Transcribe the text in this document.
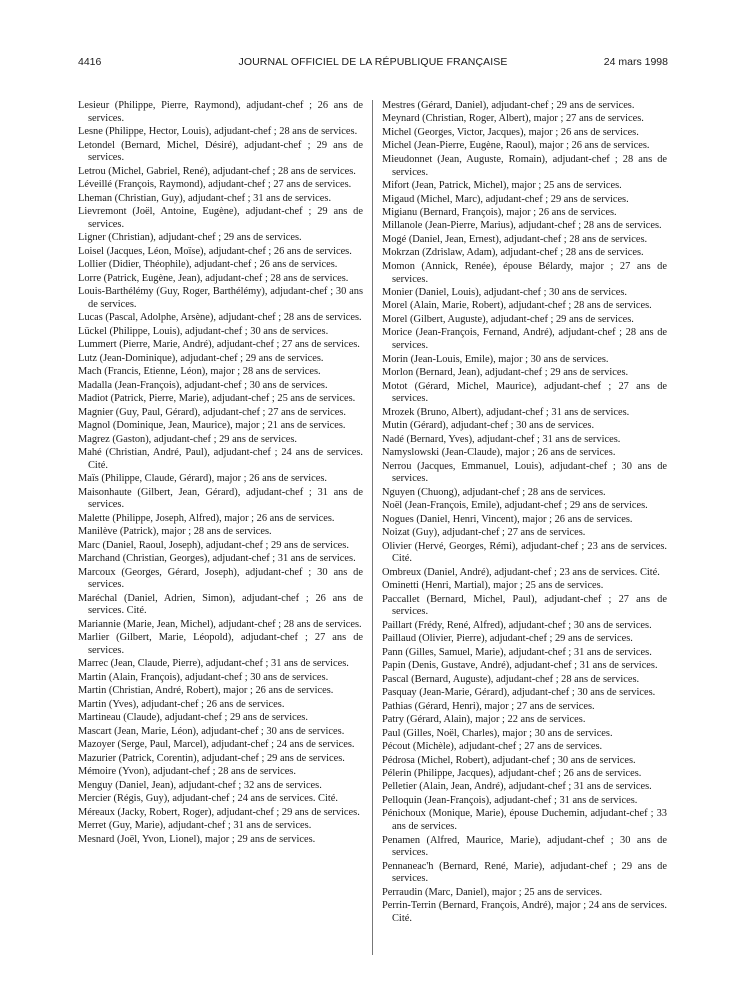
4416	JOURNAL OFFICIEL DE LA RÉPUBLIQUE FRANÇAISE	24 mars 1998
Lesieur (Philippe, Pierre, Raymond), adjudant-chef ; 26 ans de services.
Lesne (Philippe, Hector, Louis), adjudant-chef ; 28 ans de services.
Letondel (Bernard, Michel, Désiré), adjudant-chef ; 29 ans de services.
Letrou (Michel, Gabriel, René), adjudant-chef ; 28 ans de services.
Léveillé (François, Raymond), adjudant-chef ; 27 ans de services.
Lheman (Christian, Guy), adjudant-chef ; 31 ans de services.
Lievremont (Joël, Antoine, Eugène), adjudant-chef ; 29 ans de services.
Ligner (Christian), adjudant-chef ; 29 ans de services.
Loisel (Jacques, Léon, Moïse), adjudant-chef ; 26 ans de services.
Lollier (Didier, Théophile), adjudant-chef ; 26 ans de services.
Lorre (Patrick, Eugène, Jean), adjudant-chef ; 28 ans de services.
Louis-Barthélémy (Guy, Roger, Barthélémy), adjudant-chef ; 30 ans de services.
Lucas (Pascal, Adolphe, Arsène), adjudant-chef ; 28 ans de services.
Lückel (Philippe, Louis), adjudant-chef ; 30 ans de services.
Lummert (Pierre, Marie, André), adjudant-chef ; 27 ans de services.
Lutz (Jean-Dominique), adjudant-chef ; 29 ans de services.
Mach (Francis, Etienne, Léon), major ; 28 ans de services.
Madalla (Jean-François), adjudant-chef ; 30 ans de services.
Madiot (Patrick, Pierre, Marie), adjudant-chef ; 25 ans de services.
Magnier (Guy, Paul, Gérard), adjudant-chef ; 27 ans de services.
Magnol (Dominique, Jean, Maurice), major ; 21 ans de services.
Magrez (Gaston), adjudant-chef ; 29 ans de services.
Mahé (Christian, André, Paul), adjudant-chef ; 24 ans de services. Cité.
Maïs (Philippe, Claude, Gérard), major ; 26 ans de services.
Maisonhaute (Gilbert, Jean, Gérard), adjudant-chef ; 31 ans de services.
Malette (Philippe, Joseph, Alfred), major ; 26 ans de services.
Manilève (Patrick), major ; 28 ans de services.
Marc (Daniel, Raoul, Joseph), adjudant-chef ; 29 ans de services.
Marchand (Christian, Georges), adjudant-chef ; 31 ans de services.
Marcoux (Georges, Gérard, Joseph), adjudant-chef ; 30 ans de services.
Maréchal (Daniel, Adrien, Simon), adjudant-chef ; 26 ans de services. Cité.
Mariannie (Marie, Jean, Michel), adjudant-chef ; 28 ans de services.
Marlier (Gilbert, Marie, Léopold), adjudant-chef ; 27 ans de services.
Marrec (Jean, Claude, Pierre), adjudant-chef ; 31 ans de services.
Martin (Alain, François), adjudant-chef ; 30 ans de services.
Martin (Christian, André, Robert), major ; 26 ans de services.
Martin (Yves), adjudant-chef ; 26 ans de services.
Martineau (Claude), adjudant-chef ; 29 ans de services.
Mascart (Jean, Marie, Léon), adjudant-chef ; 30 ans de services.
Mazoyer (Serge, Paul, Marcel), adjudant-chef ; 24 ans de services.
Mazurier (Patrick, Corentin), adjudant-chef ; 29 ans de services.
Mémoire (Yvon), adjudant-chef ; 28 ans de services.
Menguy (Daniel, Jean), adjudant-chef ; 32 ans de services.
Mercier (Régis, Guy), adjudant-chef ; 24 ans de services. Cité.
Méreaux (Jacky, Robert, Roger), adjudant-chef ; 29 ans de services.
Merret (Guy, Marie), adjudant-chef ; 31 ans de services.
Mesnard (Joël, Yvon, Lionel), major ; 29 ans de services.
Mestres (Gérard, Daniel), adjudant-chef ; 29 ans de services.
Meynard (Christian, Roger, Albert), major ; 27 ans de services.
Michel (Georges, Victor, Jacques), major ; 26 ans de services.
Michel (Jean-Pierre, Eugène, Raoul), major ; 26 ans de services.
Mieudonnet (Jean, Auguste, Romain), adjudant-chef ; 28 ans de services.
Mifort (Jean, Patrick, Michel), major ; 25 ans de services.
Migaud (Michel, Marc), adjudant-chef ; 29 ans de services.
Migianu (Bernard, François), major ; 26 ans de services.
Millanole (Jean-Pierre, Marius), adjudant-chef ; 28 ans de services.
Mogé (Daniel, Jean, Ernest), adjudant-chef ; 28 ans de services.
Mokrzan (Zdrislaw, Adam), adjudant-chef ; 28 ans de services.
Momon (Annick, Renée), épouse Bélardy, major ; 27 ans de services.
Monier (Daniel, Louis), adjudant-chef ; 30 ans de services.
Morel (Alain, Marie, Robert), adjudant-chef ; 28 ans de services.
Morel (Gilbert, Auguste), adjudant-chef ; 29 ans de services.
Morice (Jean-François, Fernand, André), adjudant-chef ; 28 ans de services.
Morin (Jean-Louis, Emile), major ; 30 ans de services.
Morlon (Bernard, Jean), adjudant-chef ; 29 ans de services.
Motot (Gérard, Michel, Maurice), adjudant-chef ; 27 ans de services.
Mrozek (Bruno, Albert), adjudant-chef ; 31 ans de services.
Mutin (Gérard), adjudant-chef ; 30 ans de services.
Nadé (Bernard, Yves), adjudant-chef ; 31 ans de services.
Namyslowski (Jean-Claude), major ; 26 ans de services.
Nerrou (Jacques, Emmanuel, Louis), adjudant-chef ; 30 ans de services.
Nguyen (Chuong), adjudant-chef ; 28 ans de services.
Noël (Jean-François, Emile), adjudant-chef ; 29 ans de services.
Nogues (Daniel, Henri, Vincent), major ; 26 ans de services.
Noizat (Guy), adjudant-chef ; 27 ans de services.
Olivier (Hervé, Georges, Rémi), adjudant-chef ; 23 ans de services. Cité.
Ombreux (Daniel, André), adjudant-chef ; 23 ans de services. Cité.
Ominetti (Henri, Martial), major ; 25 ans de services.
Paccallet (Bernard, Michel, Paul), adjudant-chef ; 27 ans de services.
Paillart (Frédy, René, Alfred), adjudant-chef ; 30 ans de services.
Paillaud (Olivier, Pierre), adjudant-chef ; 29 ans de services.
Pann (Gilles, Samuel, Marie), adjudant-chef ; 31 ans de services.
Papin (Denis, Gustave, André), adjudant-chef ; 31 ans de services.
Pascal (Bernard, Auguste), adjudant-chef ; 28 ans de services.
Pasquay (Jean-Marie, Gérard), adjudant-chef ; 30 ans de services.
Pathias (Gérard, Henri), major ; 27 ans de services.
Patry (Gérard, Alain), major ; 22 ans de services.
Paul (Gilles, Noël, Charles), major ; 30 ans de services.
Pécout (Michèle), adjudant-chef ; 27 ans de services.
Pédrosa (Michel, Robert), adjudant-chef ; 30 ans de services.
Pélerin (Philippe, Jacques), adjudant-chef ; 26 ans de services.
Pelletier (Alain, Jean, André), adjudant-chef ; 31 ans de services.
Pelloquin (Jean-François), adjudant-chef ; 31 ans de services.
Pénichoux (Monique, Marie), épouse Duchemin, adjudant-chef ; 33 ans de services.
Penamen (Alfred, Maurice, Marie), adjudant-chef ; 30 ans de services.
Pennaneac'h (Bernard, René, Marie), adjudant-chef ; 29 ans de services.
Perraudin (Marc, Daniel), major ; 25 ans de services.
Perrin-Terrin (Bernard, François, André), major ; 24 ans de services. Cité.
